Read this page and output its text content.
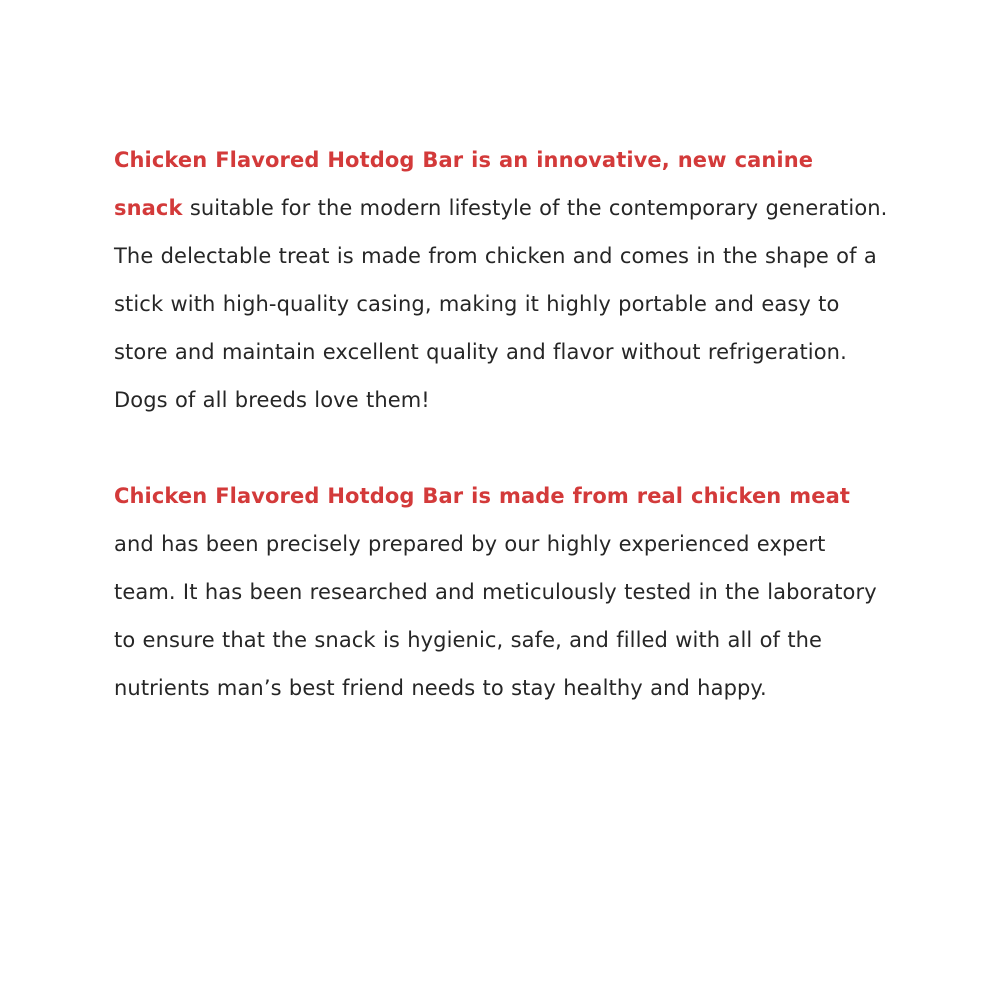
Chicken Flavored Hotdog Bar is an innovative, new canine snack suitable for the modern lifestyle of the contemporary generation. The delectable treat is made from chicken and comes in the shape of a stick with high-quality casing, making it highly portable and easy to store and maintain excellent quality and flavor without refrigeration. Dogs of all breeds love them!

Chicken Flavored Hotdog Bar is made from real chicken meat and has been precisely prepared by our highly experienced expert team. It has been researched and meticulously tested in the laboratory to ensure that the snack is hygienic, safe, and filled with all of the nutrients man’s best friend needs to stay healthy and happy.
